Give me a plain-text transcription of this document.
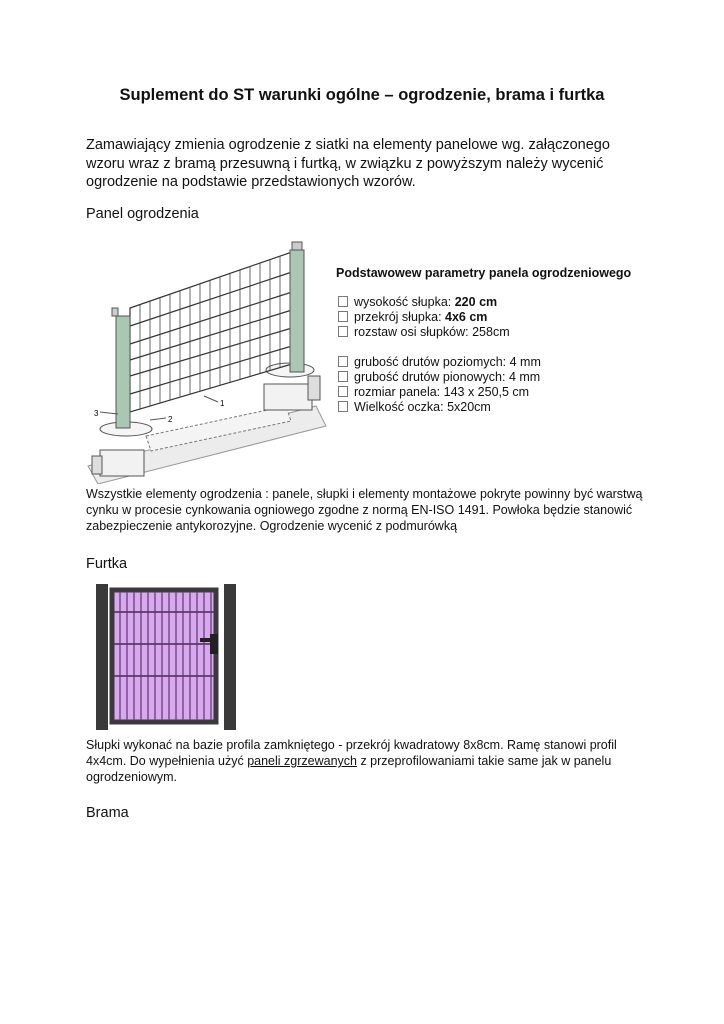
Suplement do ST warunki ogólne – ogrodzenie, brama i furtka
Zamawiający zmienia ogrodzenie z siatki na elementy panelowe wg. załączonego wzoru wraz z bramą przesuwną i furtką, w związku z powyższym należy wycenić ogrodzenie na podstawie przedstawionych wzorów.
Panel ogrodzenia
3
2
1
Podstawowew parametry panela ogrodzeniowego
wysokość słupka: 220 cm
przekrój słupka: 4x6 cm
rozstaw osi słupków: 258cm
grubość drutów poziomych: 4 mm
grubość drutów pionowych: 4 mm
rozmiar panela: 143 x 250,5 cm
Wielkość oczka: 5x20cm
Wszystkie elementy ogrodzenia : panele, słupki i elementy montażowe pokryte powinny być warstwą cynku w procesie cynkowania ogniowego zgodne z normą EN-ISO 1491. Powłoka będzie stanowić zabezpieczenie antykorozyjne. Ogrodzenie wycenić z podmurówką
Furtka
Słupki wykonać na bazie profila zamkniętego - przekrój kwadratowy 8x8cm. Ramę stanowi profil 4x4cm. Do wypełnienia użyć paneli zgrzewanych z przeprofilowaniami takie same jak w panelu ogrodzeniowym.
Brama
